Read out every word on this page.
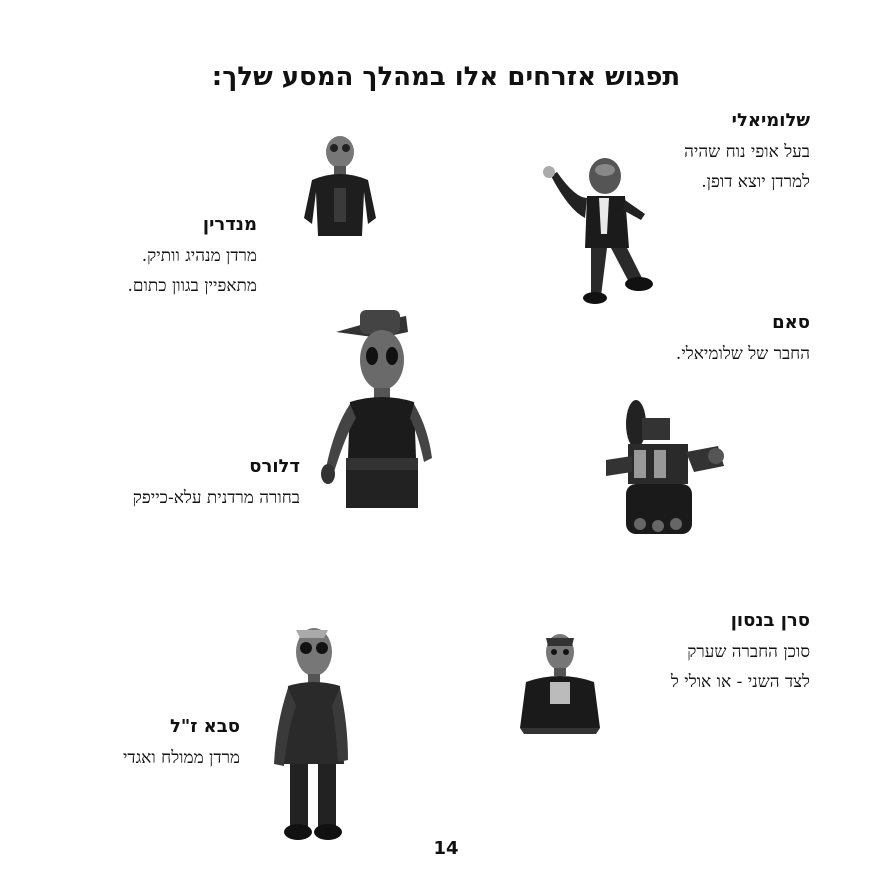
תפגוש אזרחים אלו במהלך המסע שלך:
שלומיאלי
בעל אופי נוח שהיה
למרדן יוצא דופן.
מנדרין
מרדן מנהיג וותיק.
מתאפיין בגוון כתום.
סאם
החבר של שלומיאלי.
דלורס
בחורה מרדנית עלא-כייפק
סרן בנסון
סוכן החברה שערק
לצד השני - או אולי ל
סבא ז"ל
מרדן ממולח ואגדי
14
